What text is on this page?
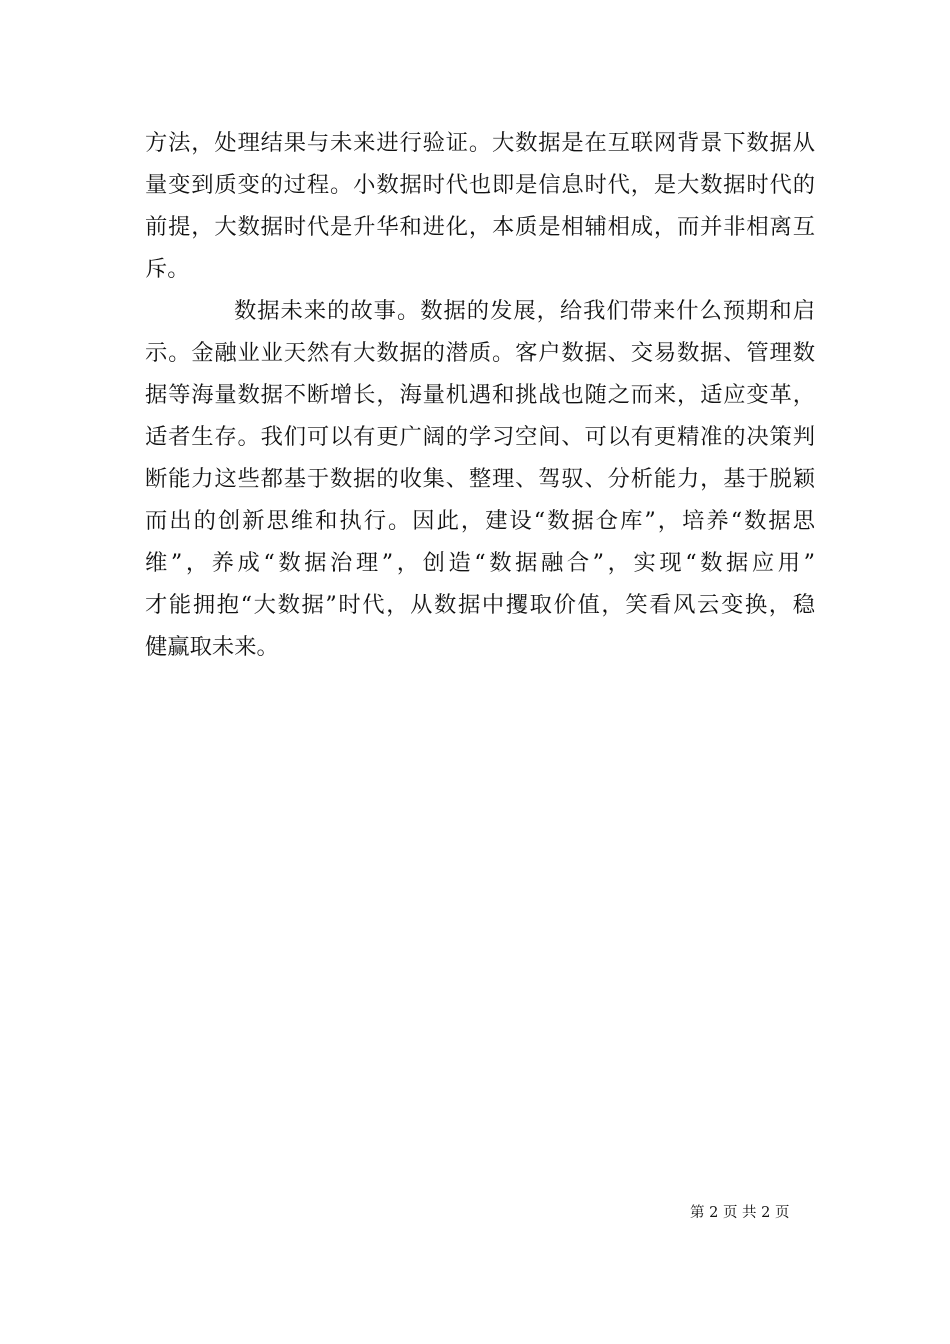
方法，处理结果与未来进行验证。大数据是在互联网背景下数据从
量变到质变的过程。小数据时代也即是信息时代，是大数据时代的
前提，大数据时代是升华和进化，本质是相辅相成，而并非相离互
斥。
数据未来的故事。数据的发展，给我们带来什么预期和启
示。金融业业天然有大数据的潜质。客户数据、交易数据、管理数
据等海量数据不断增长，海量机遇和挑战也随之而来，适应变革，
适者生存。我们可以有更广阔的学习空间、可以有更精准的决策判
断能力这些都基于数据的收集、整理、驾驭、分析能力，基于脱颖
而出的创新思维和执行。因此，建设“数据仓库”，培养“数据思
维”，养成“数据治理”，创造“数据融合”，实现“数据应用”
才能拥抱“大数据”时代，从数据中攫取价值，笑看风云变换，稳
健赢取未来。
第 2 页 共 2 页
